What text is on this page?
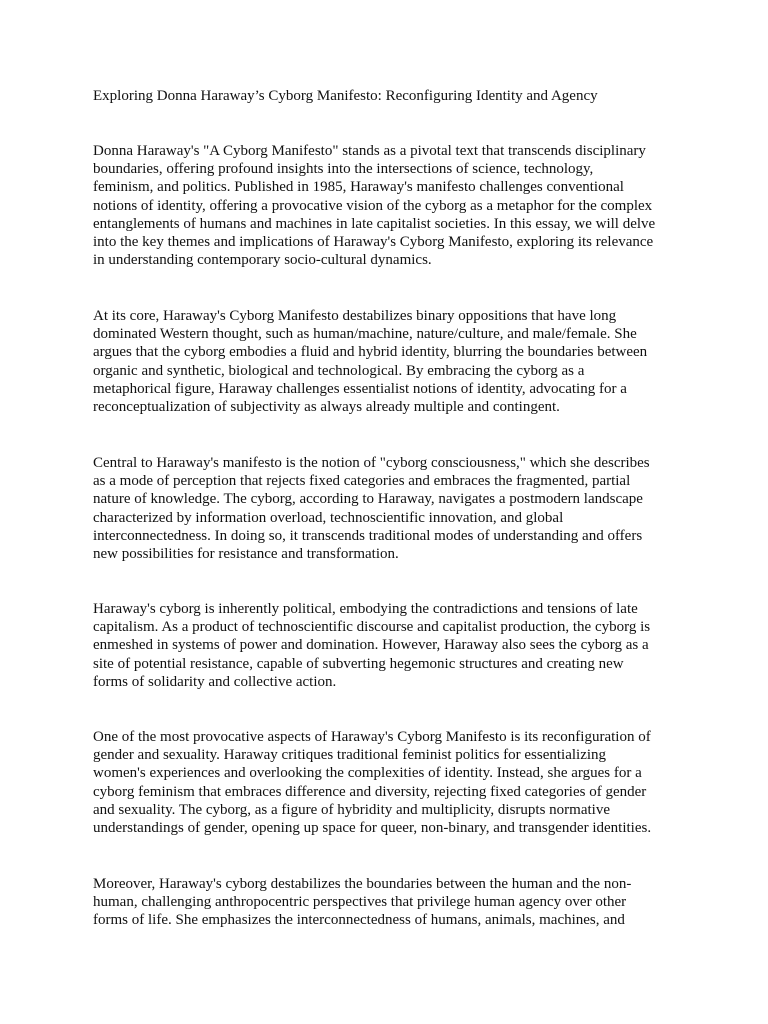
Exploring Donna Haraway’s Cyborg Manifesto: Reconfiguring Identity and Agency

Donna Haraway's "A Cyborg Manifesto" stands as a pivotal text that transcends disciplinary
boundaries, offering profound insights into the intersections of science, technology,
feminism, and politics. Published in 1985, Haraway's manifesto challenges conventional
notions of identity, offering a provocative vision of the cyborg as a metaphor for the complex
entanglements of humans and machines in late capitalist societies. In this essay, we will delve
into the key themes and implications of Haraway's Cyborg Manifesto, exploring its relevance
in understanding contemporary socio-cultural dynamics.

At its core, Haraway's Cyborg Manifesto destabilizes binary oppositions that have long
dominated Western thought, such as human/machine, nature/culture, and male/female. She
argues that the cyborg embodies a fluid and hybrid identity, blurring the boundaries between
organic and synthetic, biological and technological. By embracing the cyborg as a
metaphorical figure, Haraway challenges essentialist notions of identity, advocating for a
reconceptualization of subjectivity as always already multiple and contingent.

Central to Haraway's manifesto is the notion of "cyborg consciousness," which she describes
as a mode of perception that rejects fixed categories and embraces the fragmented, partial
nature of knowledge. The cyborg, according to Haraway, navigates a postmodern landscape
characterized by information overload, technoscientific innovation, and global
interconnectedness. In doing so, it transcends traditional modes of understanding and offers
new possibilities for resistance and transformation.

Haraway's cyborg is inherently political, embodying the contradictions and tensions of late
capitalism. As a product of technoscientific discourse and capitalist production, the cyborg is
enmeshed in systems of power and domination. However, Haraway also sees the cyborg as a
site of potential resistance, capable of subverting hegemonic structures and creating new
forms of solidarity and collective action.

One of the most provocative aspects of Haraway's Cyborg Manifesto is its reconfiguration of
gender and sexuality. Haraway critiques traditional feminist politics for essentializing
women's experiences and overlooking the complexities of identity. Instead, she argues for a
cyborg feminism that embraces difference and diversity, rejecting fixed categories of gender
and sexuality. The cyborg, as a figure of hybridity and multiplicity, disrupts normative
understandings of gender, opening up space for queer, non-binary, and transgender identities.

Moreover, Haraway's cyborg destabilizes the boundaries between the human and the non-
human, challenging anthropocentric perspectives that privilege human agency over other
forms of life. She emphasizes the interconnectedness of humans, animals, machines, and
